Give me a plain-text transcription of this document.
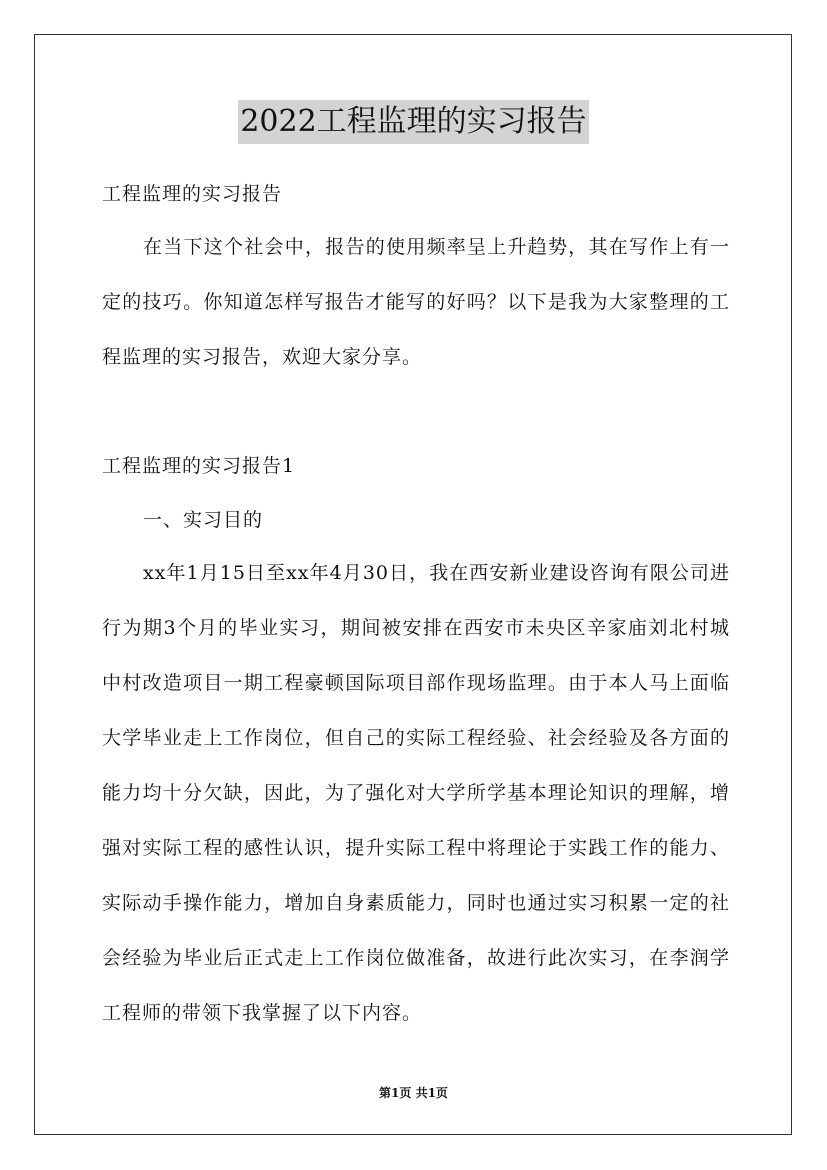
2022工程监理的实习报告
工程监理的实习报告
在当下这个社会中，报告的使用频率呈上升趋势，其在写作上有一定的技巧。你知道怎样写报告才能写的好吗？以下是我为大家整理的工程监理的实习报告，欢迎大家分享。
工程监理的实习报告1
一、实习目的
xx年1月15日至xx年4月30日，我在西安新业建设咨询有限公司进行为期3个月的毕业实习，期间被安排在西安市未央区辛家庙刘北村城中村改造项目一期工程豪顿国际项目部作现场监理。由于本人马上面临大学毕业走上工作岗位，但自己的实际工程经验、社会经验及各方面的能力均十分欠缺，因此，为了强化对大学所学基本理论知识的理解，增强对实际工程的感性认识，提升实际工程中将理论于实践工作的能力、实际动手操作能力，增加自身素质能力，同时也通过实习积累一定的社会经验为毕业后正式走上工作岗位做准备，故进行此次实习，在李润学工程师的带领下我掌握了以下内容。
第1页 共1页
